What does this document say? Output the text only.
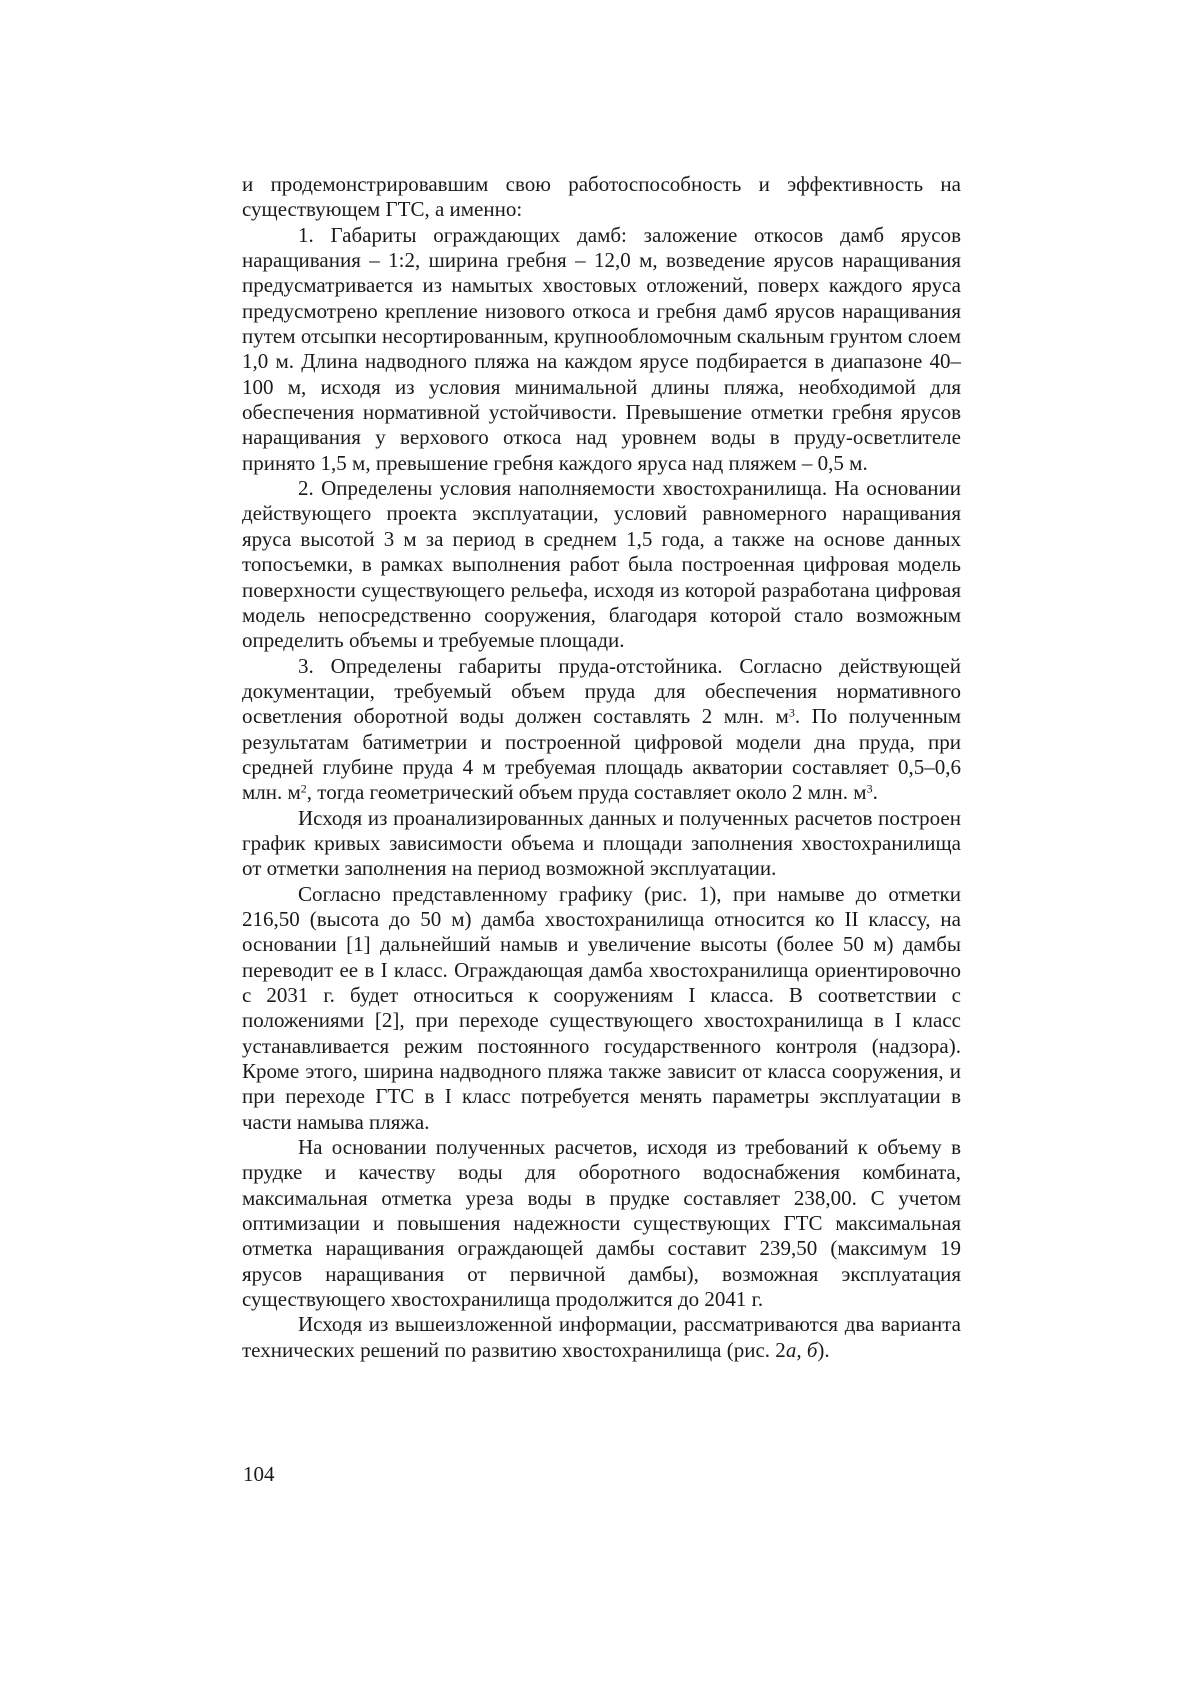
и продемонстрировавшим свою работоспособность и эффективность на существующем ГТС, а именно:

1. Габариты ограждающих дамб: заложение откосов дамб ярусов наращивания – 1:2, ширина гребня – 12,0 м, возведение ярусов наращивания предусматривается из намытых хвостовых отложений, поверх каждого яруса предусмотрено крепление низового откоса и гребня дамб ярусов наращивания путем отсыпки несортированным, крупнообломочным скальным грунтом слоем 1,0 м. Длина надводного пляжа на каждом ярусе подбирается в диапазоне 40–100 м, исходя из условия минимальной длины пляжа, необходимой для обеспечения нормативной устойчивости. Превышение отметки гребня ярусов наращивания у верхового откоса над уровнем воды в пруду-осветлителе принято 1,5 м, превышение гребня каждого яруса над пляжем – 0,5 м.

2. Определены условия наполняемости хвостохранилища. На основании действующего проекта эксплуатации, условий равномерного наращивания яруса высотой 3 м за период в среднем 1,5 года, а также на основе данных топосъемки, в рамках выполнения работ была построенная цифровая модель поверхности существующего рельефа, исходя из которой разработана цифровая модель непосредственно сооружения, благодаря которой стало возможным определить объемы и требуемые площади.

3. Определены габариты пруда-отстойника. Согласно действующей документации, требуемый объем пруда для обеспечения нормативного осветления оборотной воды должен составлять 2 млн. $м^3$. По полученным результатам батиметрии и построенной цифровой модели дна пруда, при средней глубине пруда 4 м требуемая площадь акватории составляет 0,5–0,6 млн. $м^2$, тогда геометрический объем пруда составляет около 2 млн. $м^3$.

Исходя из проанализированных данных и полученных расчетов построен график кривых зависимости объема и площади заполнения хвостохранилища от отметки заполнения на период возможной эксплуатации.

Согласно представленному графику (рис. 1), при намыве до отметки 216,50 (высота до 50 м) дамба хвостохранилища относится ко II классу, на основании [1] дальнейший намыв и увеличение высоты (более 50 м) дамбы переводит ее в I класс. Ограждающая дамба хвостохранилища ориентировочно с 2031 г. будет относиться к сооружениям I класса. В соответствии с положениями [2], при переходе существующего хвостохранилища в I класс устанавливается режим постоянного государственного контроля (надзора). Кроме этого, ширина надводного пляжа также зависит от класса сооружения, и при переходе ГТС в I класс потребуется менять параметры эксплуатации в части намыва пляжа.

На основании полученных расчетов, исходя из требований к объему в прудке и качеству воды для оборотного водоснабжения комбината, максимальная отметка уреза воды в прудке составляет 238,00. С учетом оптимизации и повышения надежности существующих ГТС максимальная отметка наращивания ограждающей дамбы составит 239,50 (максимум 19 ярусов наращивания от первичной дамбы), возможная эксплуатация существующего хвостохранилища продолжится до 2041 г.

Исходя из вышеизложенной информации, рассматриваются два варианта технических решений по развитию хвостохранилища (рис. 2а, б).

104
